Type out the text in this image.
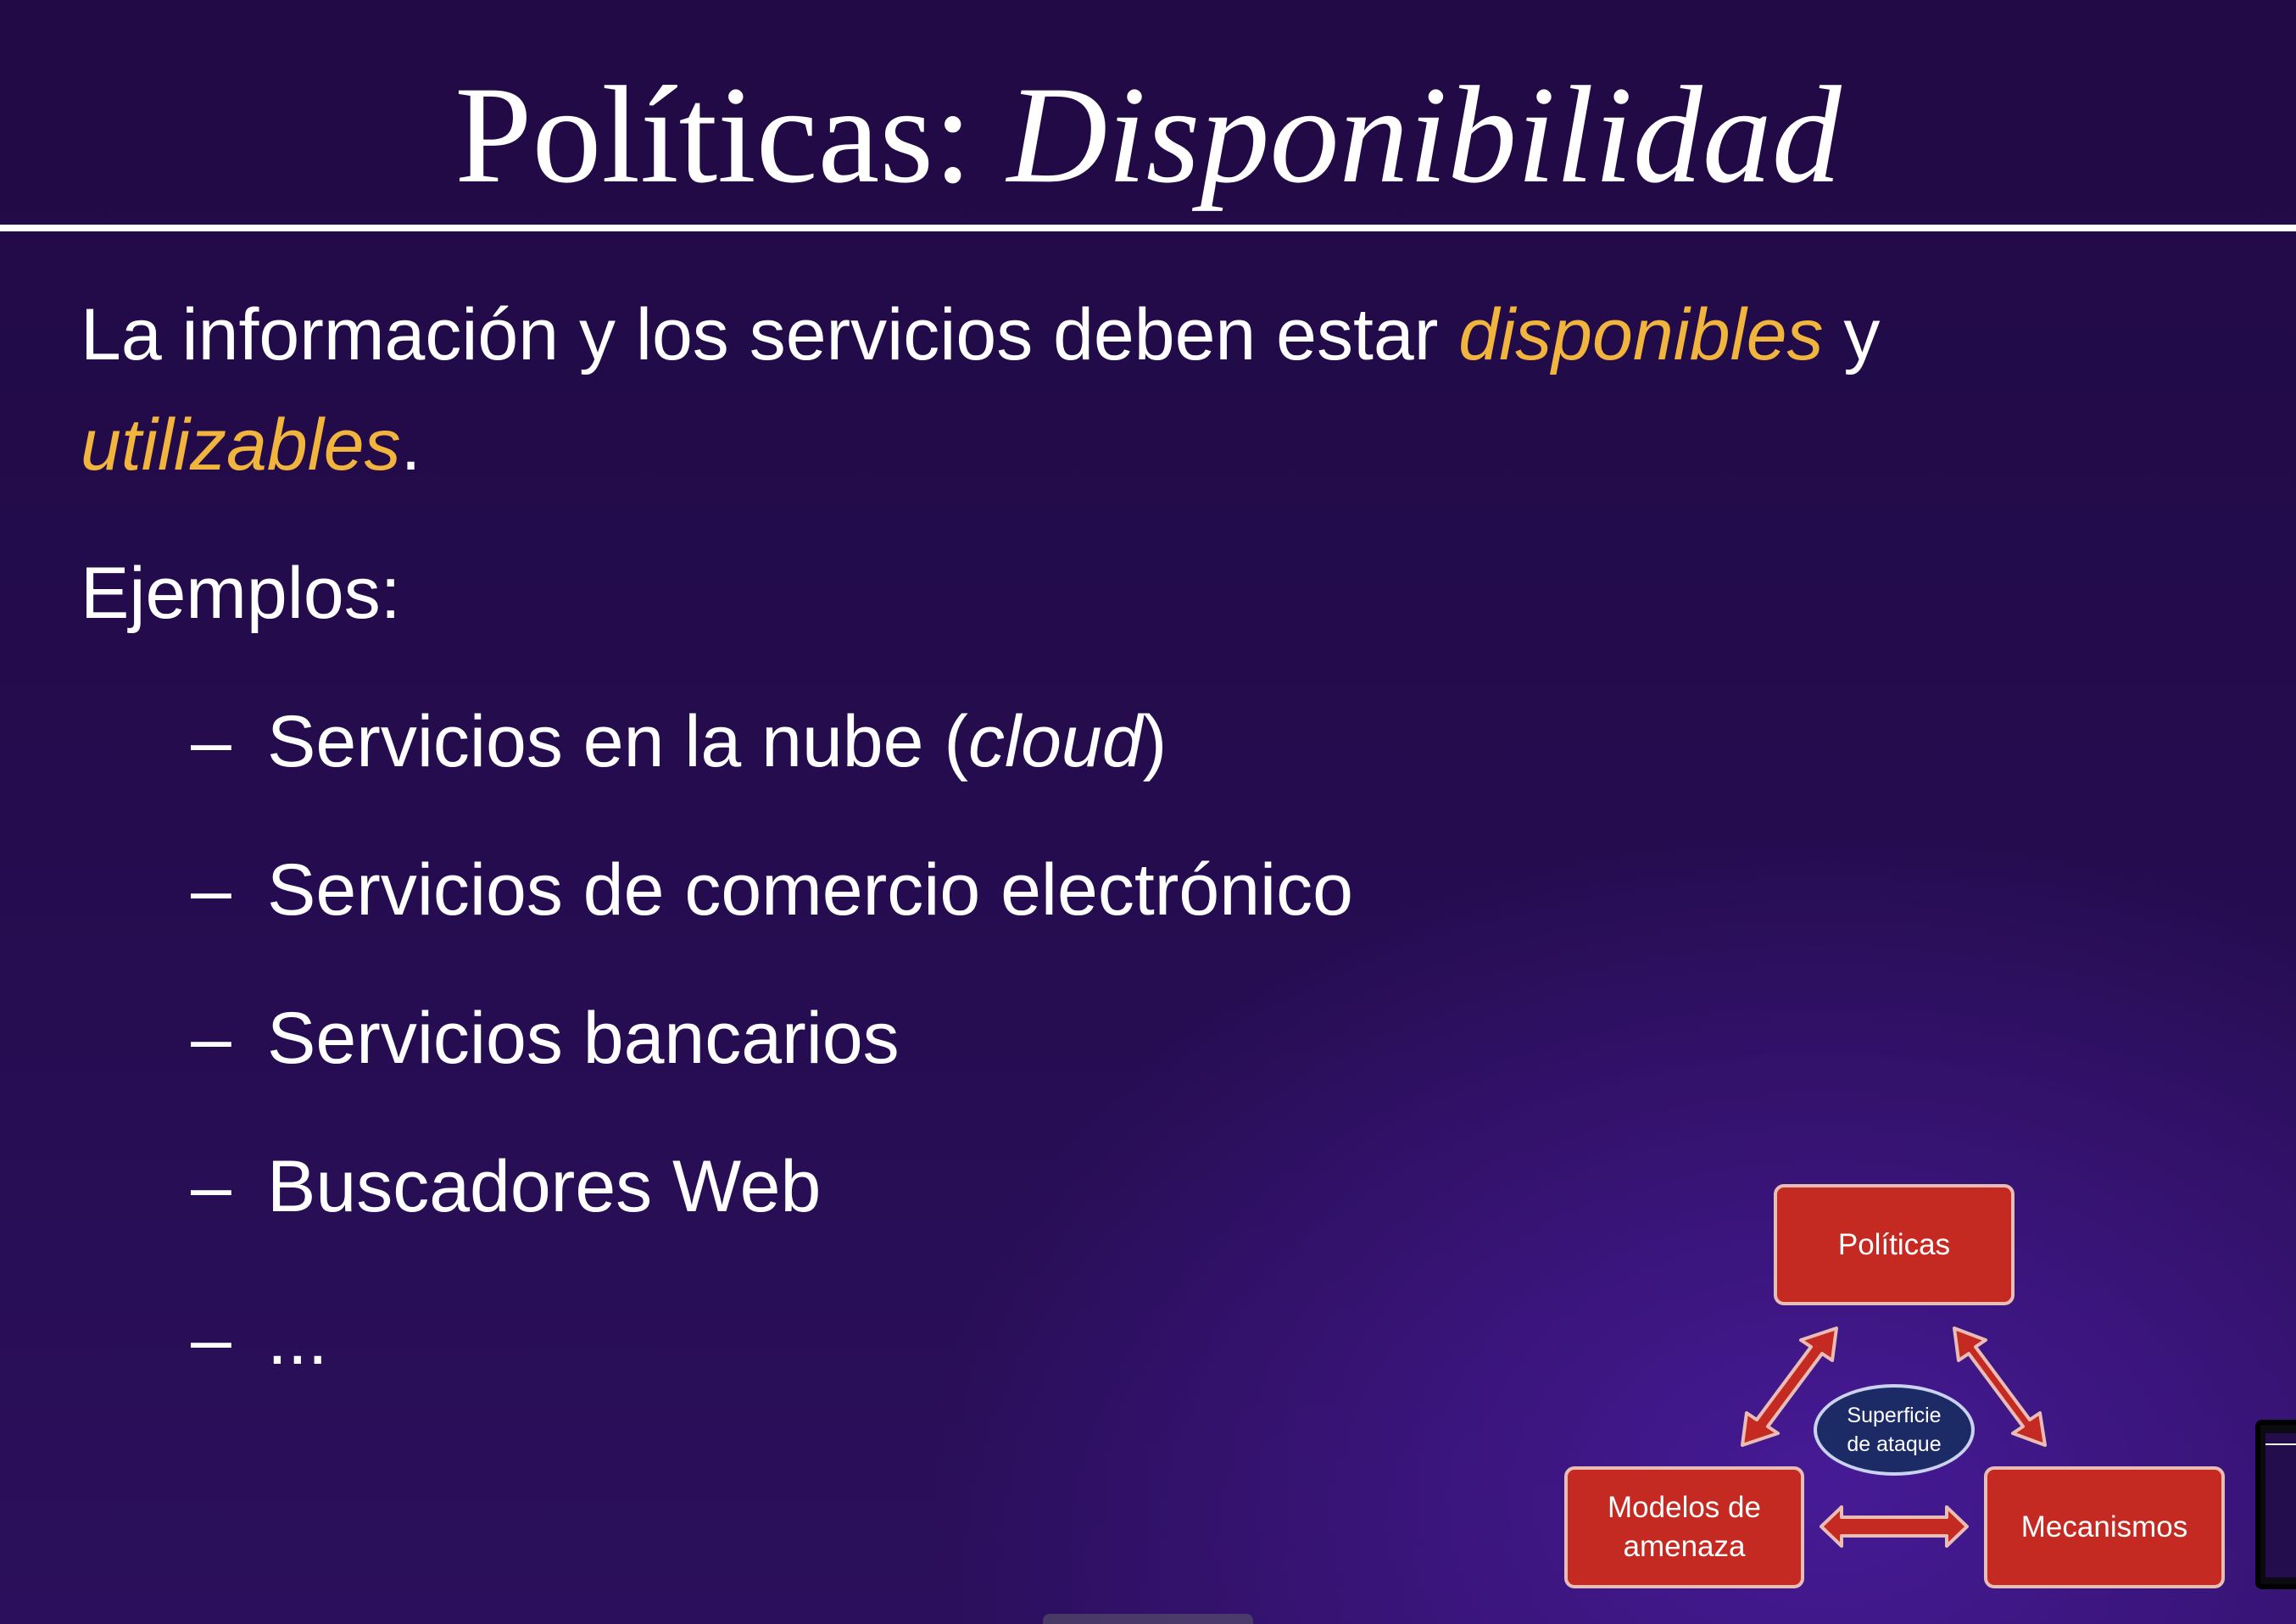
Políticas: Disponibilidad
La información y los servicios deben estar disponibles y
utilizables.
Ejemplos:
– Servicios en la nube (cloud)
– Servicios de comercio electrónico
– Servicios bancarios
– Buscadores Web
– ...
Políticas
Modelos de
amenaza
Mecanismos
Superficie
de ataque
